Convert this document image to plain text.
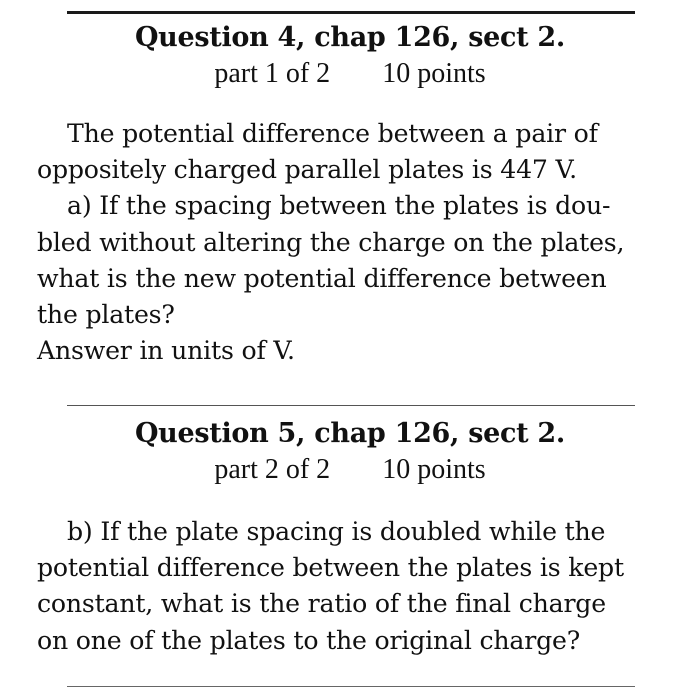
Question 4, chap 126, sect 2.
part 1 of 2 10 points
The potential difference between a pair of
oppositely charged parallel plates is 447 V.
a) If the spacing between the plates is dou-
bled without altering the charge on the plates,
what is the new potential difference between
the plates?
Answer in units of V.
Question 5, chap 126, sect 2.
part 2 of 2 10 points
b) If the plate spacing is doubled while the
potential difference between the plates is kept
constant, what is the ratio of the final charge
on one of the plates to the original charge?
